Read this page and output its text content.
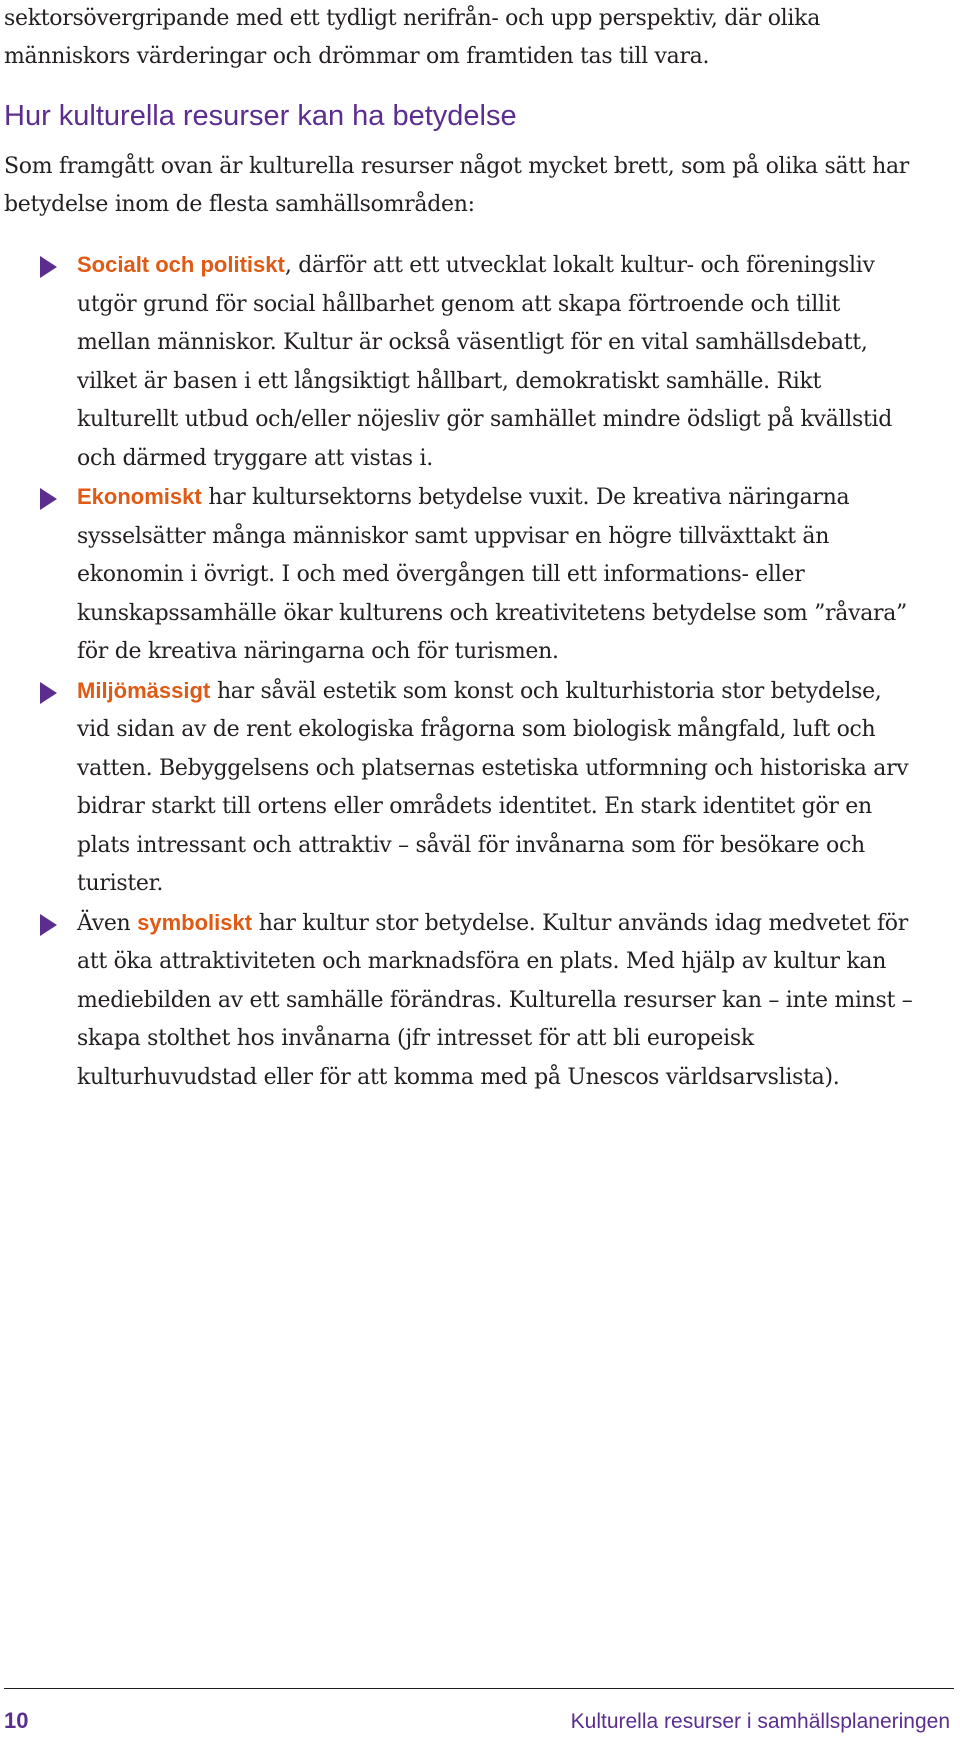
sektorsövergripande med ett tydligt nerifrån- och upp perspektiv, där olika

människors värderingar och drömmar om framtiden tas till vara.

Hur kulturella resurser kan ha betydelse

Som framgått ovan är kulturella resurser något mycket brett, som på olika sätt har betydelse inom de flesta samhällsområden:

Socialt och politiskt, därför att ett utvecklat lokalt kultur- och föreningsliv utgör grund för social hållbarhet genom att skapa förtroende och tillit mellan människor. Kultur är också väsentligt för en vital samhällsdebatt, vilket är basen i ett långsiktigt hållbart, demokratiskt samhälle. Rikt kulturellt utbud och/eller nöjesliv gör samhället mindre ödsligt på kvällstid och därmed tryggare att vistas i.
Ekonomiskt har kultursektorns betydelse vuxit. De kreativa näringarna sysselsätter många människor samt uppvisar en högre tillväxttakt än ekonomin i övrigt. I och med övergången till ett informations- eller kunskapssamhälle ökar kulturens och kreativitetens betydelse som ”råvara” för de kreativa näringarna och för turismen.
Miljömässigt har såväl estetik som konst och kulturhistoria stor betydelse, vid sidan av de rent ekologiska frågorna som biologisk mångfald, luft och vatten. Bebyggelsens och platsernas estetiska utformning och historiska arv bidrar starkt till ortens eller områdets identitet. En stark identitet gör en plats intressant och attraktiv – såväl för invånarna som för besökare och turister.
Även symboliskt har kultur stor betydelse. Kultur används idag medvetet för att öka attraktiviteten och marknadsföra en plats. Med hjälp av kultur kan mediebilden av ett samhälle förändras. Kulturella resurser kan – inte minst – skapa stolthet hos invånarna (jfr intresset för att bli europeisk kulturhuvudstad eller för att komma med på Unescos världsarvslista).
10	Kulturella resurser i samhällsplaneringen
